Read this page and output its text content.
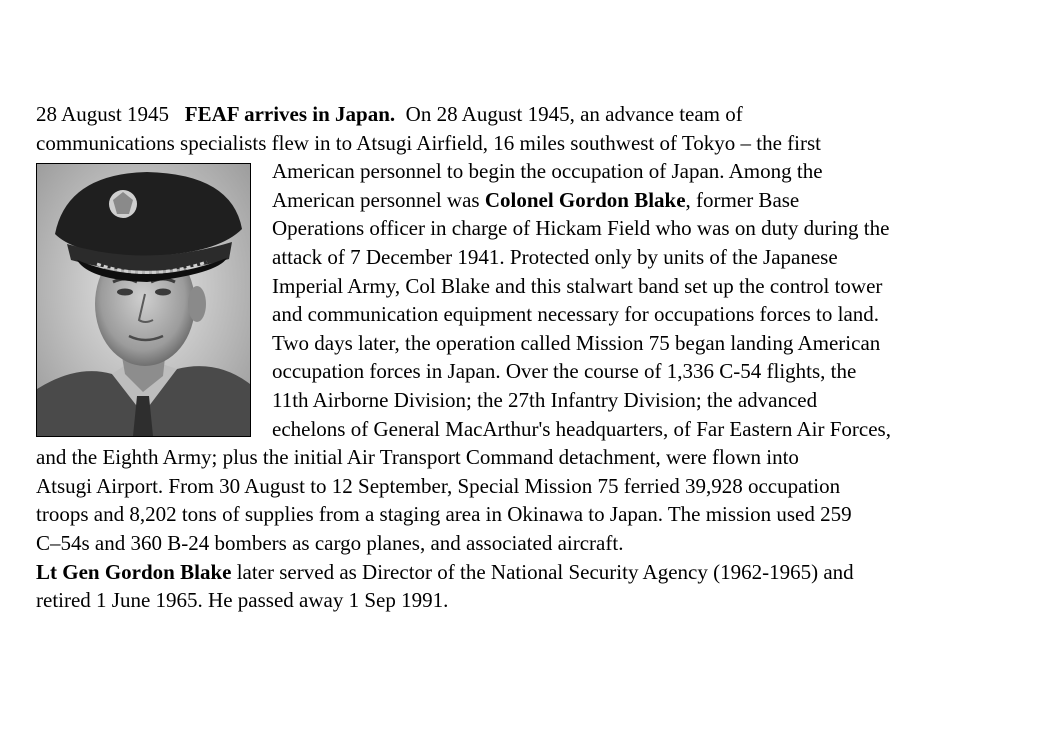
28 August 1945 FEAF arrives in Japan. On 28 August 1945, an advance team of
communications specialists flew in to Atsugi Airfield, 16 miles southwest of Tokyo – the first
American personnel to begin the occupation of Japan. Among the
American personnel was Colonel Gordon Blake, former Base
Operations officer in charge of Hickam Field who was on duty during the
attack of 7 December 1941. Protected only by units of the Japanese
Imperial Army, Col Blake and this stalwart band set up the control tower
and communication equipment necessary for occupations forces to land.
Two days later, the operation called Mission 75 began landing American
occupation forces in Japan. Over the course of 1,336 C-54 flights, the
11th Airborne Division; the 27th Infantry Division; the advanced
echelons of General MacArthur's headquarters, of Far Eastern Air Forces,
and the Eighth Army; plus the initial Air Transport Command detachment, were flown into
Atsugi Airport. From 30 August to 12 September, Special Mission 75 ferried 39,928 occupation
troops and 8,202 tons of supplies from a staging area in Okinawa to Japan. The mission used 259
C–54s and 360 B-24 bombers as cargo planes, and associated aircraft.
Lt Gen Gordon Blake later served as Director of the National Security Agency (1962-1965) and
retired 1 June 1965. He passed away 1 Sep 1991.
